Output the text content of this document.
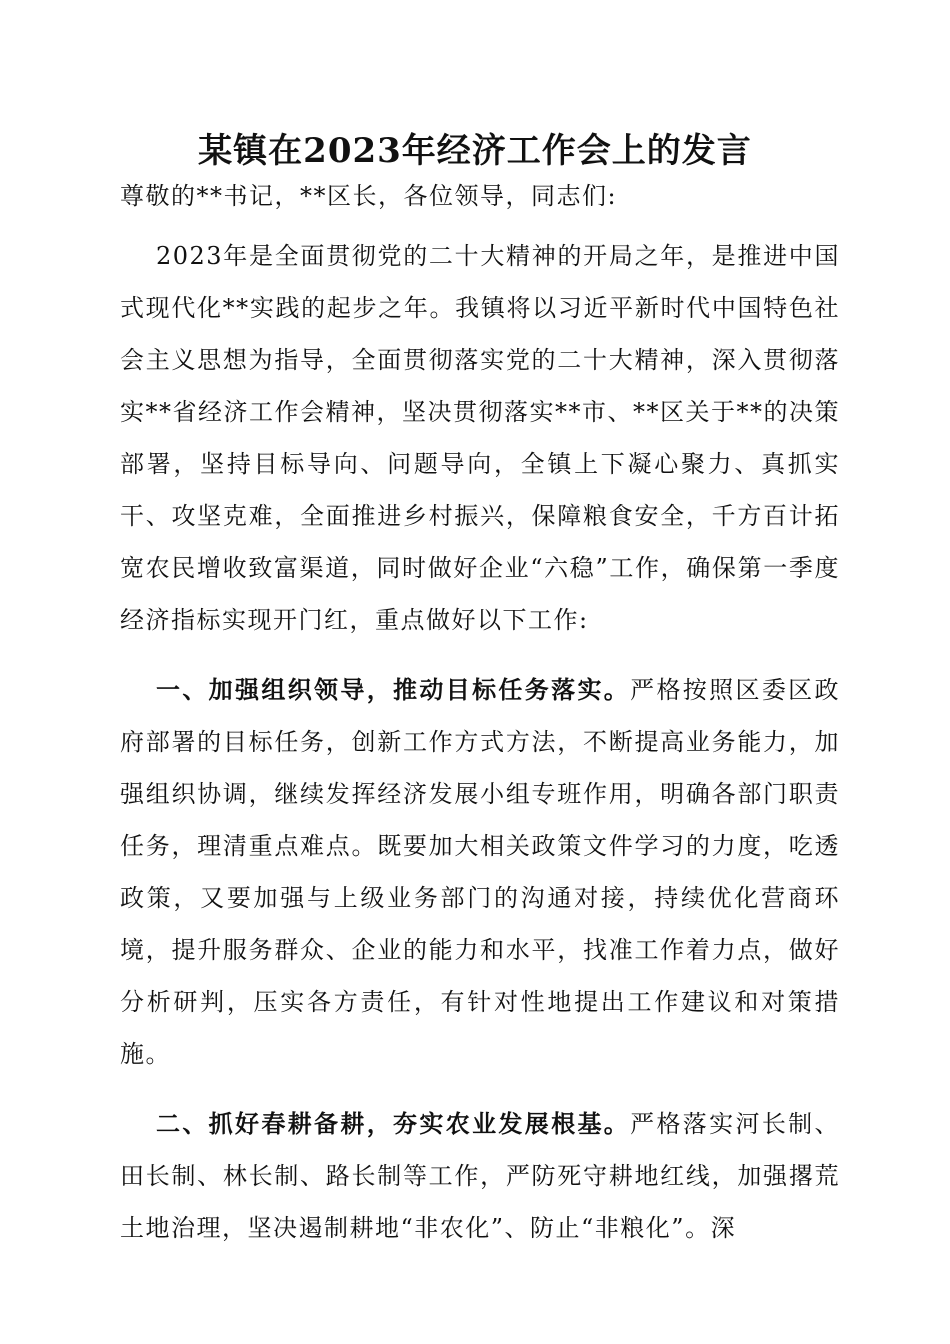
某镇在2023年经济工作会上的发言

尊敬的**书记，**区长，各位领导，同志们:

2023年是全面贯彻党的二十大精神的开局之年，是推进中国式现代化**实践的起步之年。我镇将以习近平新时代中国特色社会主义思想为指导，全面贯彻落实党的二十大精神，深入贯彻落实**省经济工作会精神，坚决贯彻落实**市、**区关于**的决策部署，坚持目标导向、问题导向，全镇上下凝心聚力、真抓实干、攻坚克难，全面推进乡村振兴，保障粮食安全，千方百计拓宽农民增收致富渠道，同时做好企业“六稳”工作，确保第一季度经济指标实现开门红，重点做好以下工作:

一、加强组织领导，推动目标任务落实。严格按照区委区政府部署的目标任务，创新工作方式方法，不断提高业务能力，加强组织协调，继续发挥经济发展小组专班作用，明确各部门职责任务，理清重点难点。既要加大相关政策文件学习的力度，吃透政策，又要加强与上级业务部门的沟通对接，持续优化营商环境，提升服务群众、企业的能力和水平，找准工作着力点，做好分析研判，压实各方责任，有针对性地提出工作建议和对策措施。

二、抓好春耕备耕，夯实农业发展根基。严格落实河长制、田长制、林长制、路长制等工作，严防死守耕地红线，加强撂荒土地治理，坚决遏制耕地“非农化”、防止“非粮化”。深
